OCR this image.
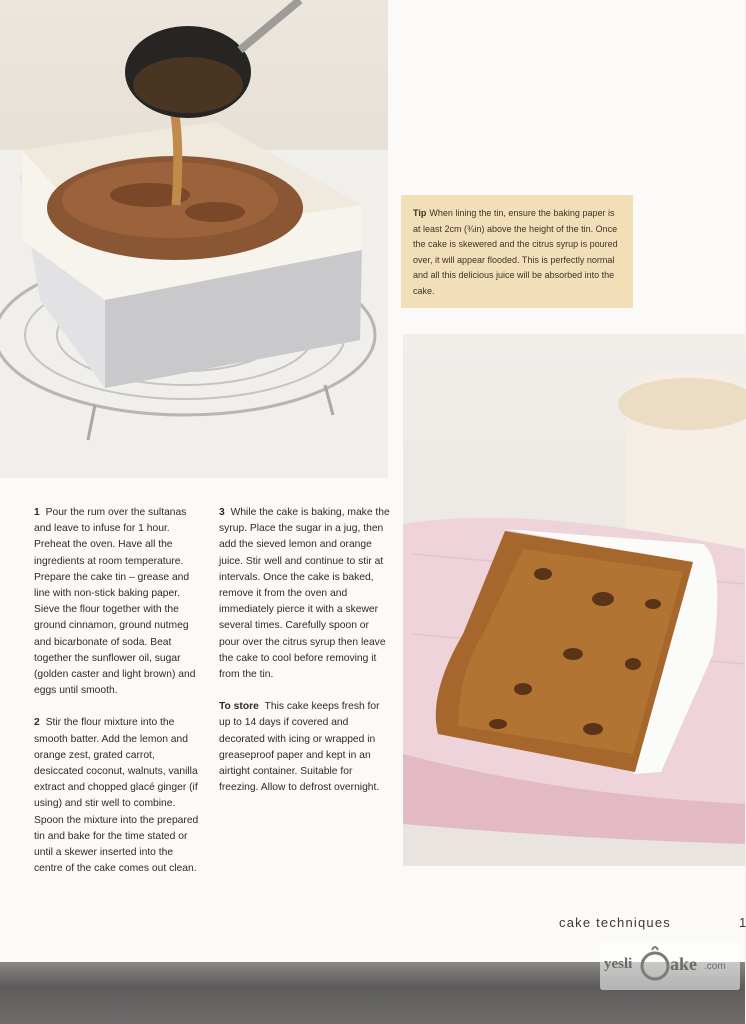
Tip When lining the tin, ensure the baking paper is at least 2cm (¾in) above the height of the tin. Once the cake is skewered and the citrus syrup is poured over, it will appear flooded. This is perfectly normal and all this delicious juice will be absorbed into the cake.

1 Pour the rum over the sultanas and leave to infuse for 1 hour. Preheat the oven. Have all the ingredients at room temperature. Prepare the cake tin – grease and line with non-stick baking paper. Sieve the flour together with the ground cinnamon, ground nutmeg and bicarbonate of soda. Beat together the sunflower oil, sugar (golden caster and light brown) and eggs until smooth.

2 Stir the flour mixture into the smooth batter. Add the lemon and orange zest, grated carrot, desiccated coconut, walnuts, vanilla extract and chopped glacé ginger (if using) and stir well to combine. Spoon the mixture into the prepared tin and bake for the time stated or until a skewer inserted into the centre of the cake comes out clean.

3 While the cake is baking, make the syrup. Place the sugar in a jug, then add the sieved lemon and orange juice. Stir well and continue to stir at intervals. Once the cake is baked, remove it from the oven and immediately pierce it with a skewer several times. Carefully spoon or pour over the citrus syrup then leave the cake to cool before removing it from the tin.

To store This cake keeps fresh for up to 14 days if covered and decorated with icing or wrapped in greaseproof paper and kept in an airtight container. Suitable for freezing. Allow to defrost overnight.

cake techniques	1
yesli ake .com
